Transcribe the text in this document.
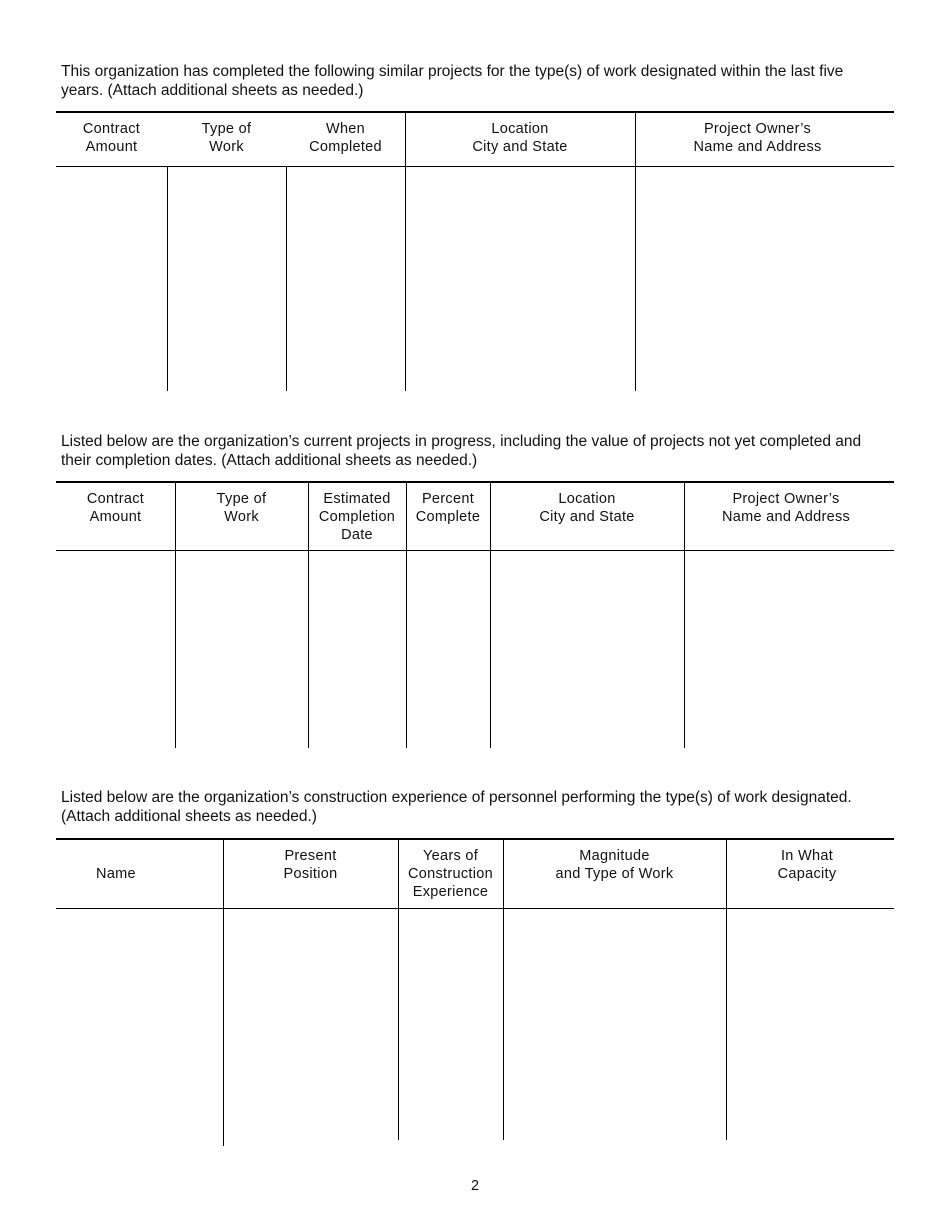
This organization has completed the following similar projects for the type(s) of work designated within the last five years. (Attach additional sheets as needed.)

Contract
Amount
Type of
Work
When
Completed
Location
City and State
Project Owner’s
Name and Address

Listed below are the organization’s current projects in progress, including the value of projects not yet completed and their completion dates. (Attach additional sheets as needed.)

Contract
Amount
Type of
Work
Estimated
Completion
Date
Percent
Complete
Location
City and State
Project Owner’s
Name and Address

Listed below are the organization’s construction experience of personnel performing the type(s) of work designated.
(Attach additional sheets as needed.)

Name
Present
Position
Years of
Construction
Experience
Magnitude
and Type of Work
In What
Capacity
2
